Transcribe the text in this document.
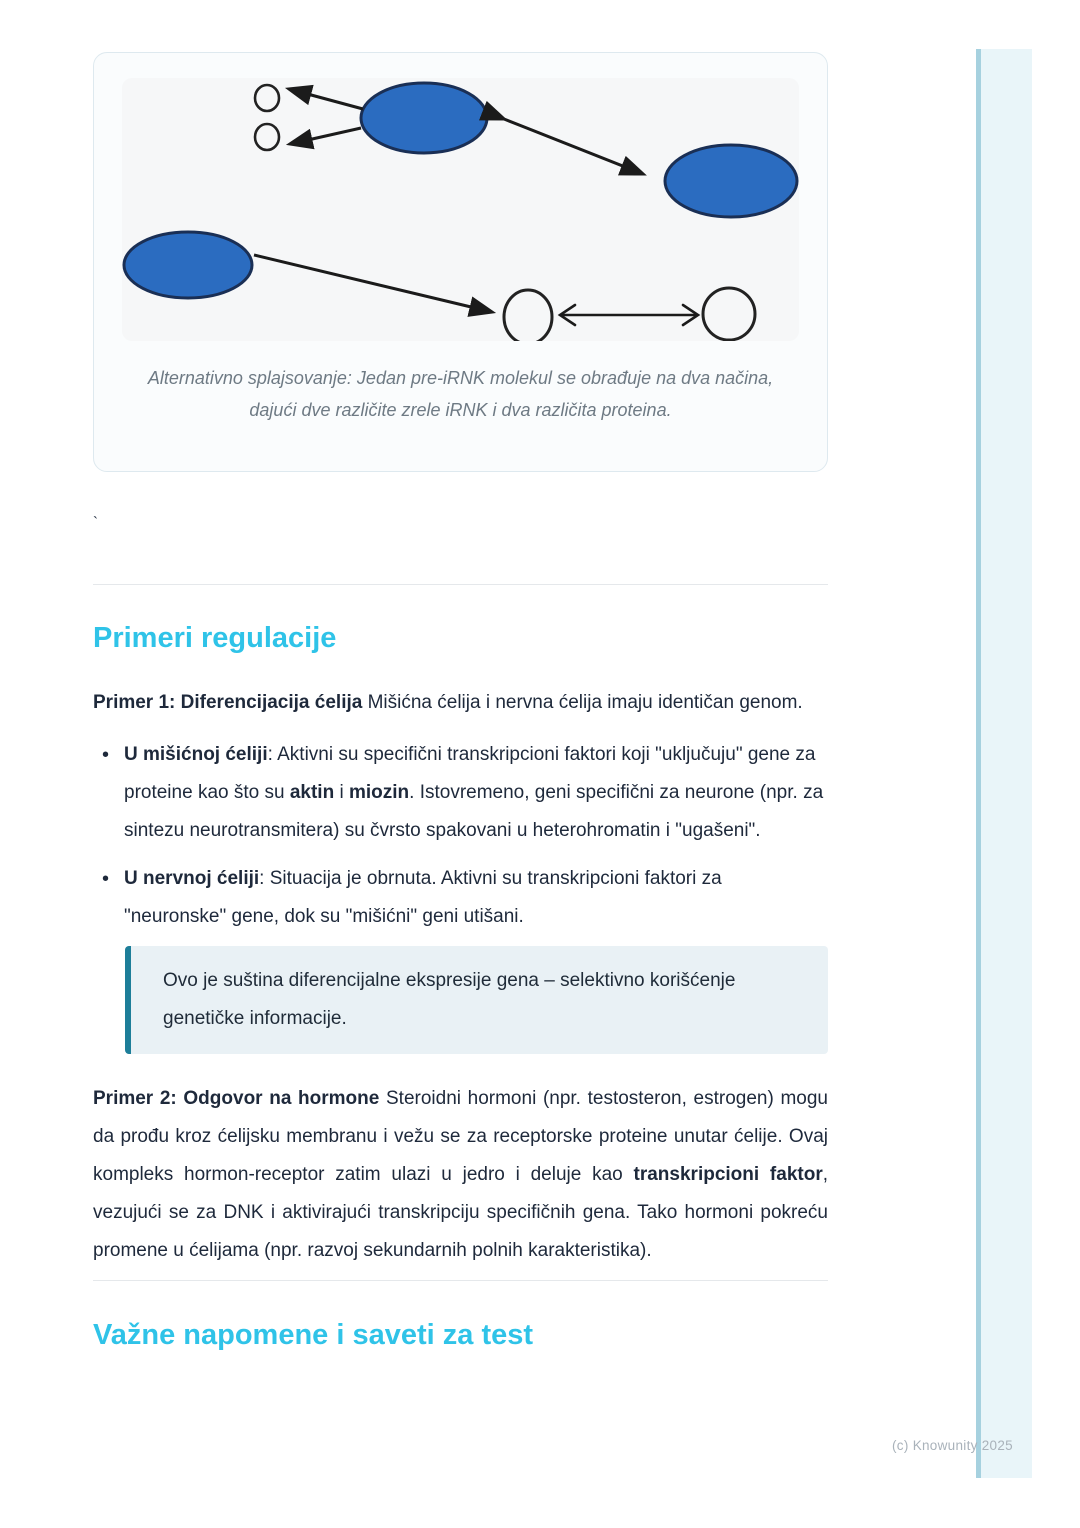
Alternativno splajsovanje: Jedan pre-iRNK molekul se obrađuje na dva načina, dajući dve različite zrele iRNK i dva različita proteina.
`
Primeri regulacije

Primer 1: Diferencijacija ćelija Mišićna ćelija i nervna ćelija imaju identičan genom.

• U mišićnoj ćeliji: Aktivni su specifični transkripcioni faktori koji "uključuju" gene za proteine kao što su aktin i miozin. Istovremeno, geni specifični za neurone (npr. za sintezu neurotransmitera) su čvrsto spakovani u heterohromatin i "ugašeni".
• U nervnoj ćeliji: Situacija je obrnuta. Aktivni su transkripcioni faktori za "neuronske" gene, dok su "mišićni" geni utišani.
Ovo je suština diferencijalne ekspresije gena – selektivno korišćenje genetičke informacije.

Primer 2: Odgovor na hormone Steroidni hormoni (npr. testosteron, estrogen) mogu da prođu kroz ćelijsku membranu i vežu se za receptorske proteine unutar ćelije. Ovaj kompleks hormon-receptor zatim ulazi u jedro i deluje kao transkripcioni faktor, vezujući se za DNK i aktivirajući transkripciju specifičnih gena. Tako hormoni pokreću promene u ćelijama (npr. razvoj sekundarnih polnih karakteristika).

Važne napomene i saveti za test
(c) Knowunity 2025
